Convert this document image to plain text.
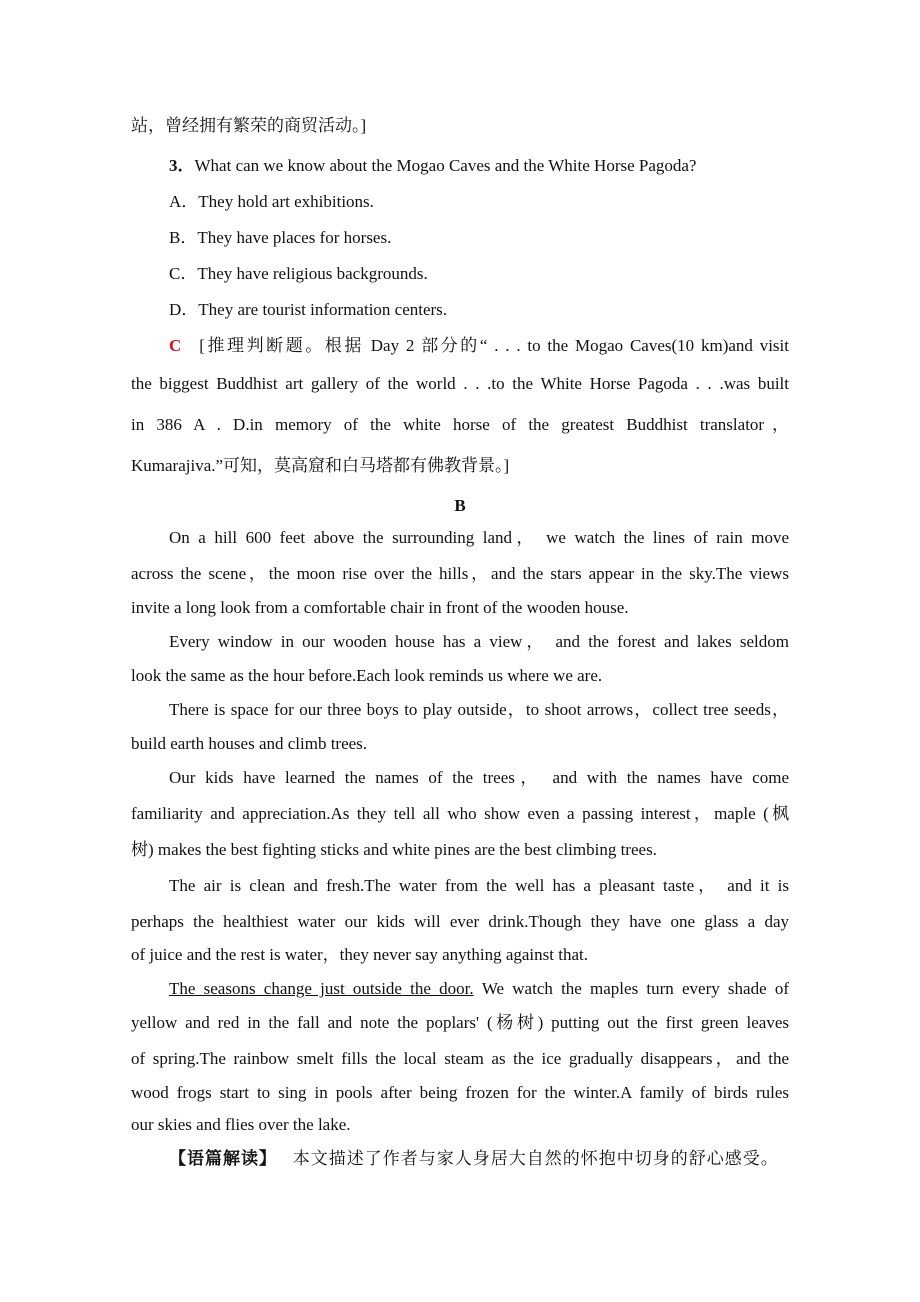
站，曾经拥有繁荣的商贸活动。]
3．What can we know about the Mogao Caves and the White Horse Pagoda?
A．They hold art exhibitions.
B．They have places for horses.
C．They have religious backgrounds.
D．They are tourist information centers.
C [推理判断题。根据 Day 2 部分的“ . . . to the Mogao Caves(10 km)and visit
the biggest Buddhist art gallery of the world . . .to the White Horse Pagoda . . .was built
in 386 A . D.in memory of the white horse of the greatest Buddhist translator，
Kumarajiva.”可知，莫高窟和白马塔都有佛教背景。]
B
On a hill 600 feet above the surrounding land， we watch the lines of rain move
across the scene，the moon rise over the hills，and the stars appear in the sky.The views
invite a long look from a comfortable chair in front of the wooden house.
Every window in our wooden house has a view， and the forest and lakes seldom
look the same as the hour before.Each look reminds us where we are.
There is space for our three boys to play outside，to shoot arrows，collect tree seeds，
build earth houses and climb trees.
Our kids have learned the names of the trees， and with the names have come
familiarity and appreciation.As they tell all who show even a passing interest，maple (枫
树) makes the best fighting sticks and white pines are the best climbing trees.
The air is clean and fresh.The water from the well has a pleasant taste， and it is
perhaps the healthiest water our kids will ever drink.Though they have one glass a day
of juice and the rest is water，they never say anything against that.
The seasons change just outside the door. We watch the maples turn every shade of
yellow and red in the fall and note the poplars' (杨树) putting out the first green leaves
of spring.The rainbow smelt fills the local steam as the ice gradually disappears，and the
wood frogs start to sing in pools after being frozen for the winter.A family of birds rules
our skies and flies over the lake.
【语篇解读】 本文描述了作者与家人身居大自然的怀抱中切身的舒心感受。
